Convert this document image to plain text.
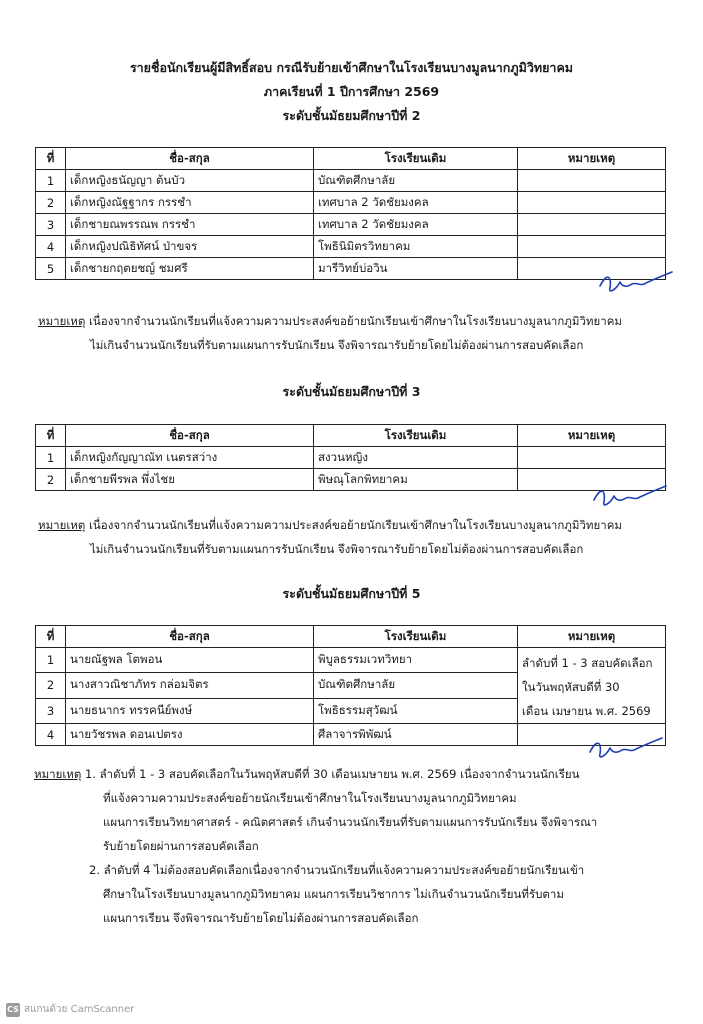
รายชื่อนักเรียนผู้มีสิทธิ์สอบ กรณีรับย้ายเข้าศึกษาในโรงเรียนบางมูลนากภูมิวิทยาคม
ภาคเรียนที่ 1 ปีการศึกษา 2569
ระดับชั้นมัธยมศึกษาปีที่ 2
ที่	ชื่อ-สกุล	โรงเรียนเดิม	หมายเหตุ
1	เด็กหญิงธนัญญา ต้นบัว	บัณฑิตศึกษาลัย	
2	เด็กหญิงณัฐฐากร กรรชำ	เทศบาล 2 วัดชัยมงคล	
3	เด็กชายณพรรณพ กรรชำ	เทศบาล 2 วัดชัยมงคล	
4	เด็กหญิงปณิธิทัศน์ ป่าขจร	โพธินิมิตรวิทยาคม	
5	เด็กชายกฤตยชญ์ ชมศรี	มารีวิทย์บ่อวิน	
หมายเหตุ เนื่องจากจำนวนนักเรียนที่แจ้งความความประสงค์ขอย้ายนักเรียนเข้าศึกษาในโรงเรียนบางมูลนากภูมิวิทยาคม
ไม่เกินจำนวนนักเรียนที่รับตามแผนการรับนักเรียน จึงพิจารณารับย้ายโดยไม่ต้องผ่านการสอบคัดเลือก
ระดับชั้นมัธยมศึกษาปีที่ 3
ที่	ชื่อ-สกุล	โรงเรียนเดิม	หมายเหตุ
1	เด็กหญิงกัญญาณัท เนตรสว่าง	สงวนหญิง	
2	เด็กชายพีรพล พึ่งไชย	พิษณุโลกพิทยาคม	
หมายเหตุ เนื่องจากจำนวนนักเรียนที่แจ้งความความประสงค์ขอย้ายนักเรียนเข้าศึกษาในโรงเรียนบางมูลนากภูมิวิทยาคม
ไม่เกินจำนวนนักเรียนที่รับตามแผนการรับนักเรียน จึงพิจารณารับย้ายโดยไม่ต้องผ่านการสอบคัดเลือก
ระดับชั้นมัธยมศึกษาปีที่ 5
ที่	ชื่อ-สกุล	โรงเรียนเดิม	หมายเหตุ
1	นายณัฐพล โตพอน	พิบูลธรรมเวทวิทยา	ลำดับที่ 1 - 3 สอบคัดเลือก
ในวันพฤหัสบดีที่ 30
เดือน เมษายน พ.ศ. 2569

2	นางสาวณิชาภัทร กล่อมจิตร	บัณฑิตศึกษาลัย	
3	นายธนากร ทรรคนีย์พงษ์	โพธิธรรมสุวัฒน์	
4	นายวัชรพล ดอนเปตรง	ศีลาจารพิพัฒน์	
หมายเหตุ 1. ลำดับที่ 1 - 3 สอบคัดเลือกในวันพฤหัสบดีที่ 30 เดือนเมษายน พ.ศ. 2569 เนื่องจากจำนวนนักเรียน
ที่แจ้งความความประสงค์ขอย้ายนักเรียนเข้าศึกษาในโรงเรียนบางมูลนากภูมิวิทยาคม
แผนการเรียนวิทยาศาสตร์ - คณิตศาสตร์ เกินจำนวนนักเรียนที่รับตามแผนการรับนักเรียน จึงพิจารณา
รับย้ายโดยผ่านการสอบคัดเลือก
2. ลำดับที่ 4 ไม่ต้องสอบคัดเลือกเนื่องจากจำนวนนักเรียนที่แจ้งความความประสงค์ขอย้ายนักเรียนเข้า
ศึกษาในโรงเรียนบางมูลนากภูมิวิทยาคม แผนการเรียนวิชาการ ไม่เกินจำนวนนักเรียนที่รับตาม
แผนการเรียน จึงพิจารณารับย้ายโดยไม่ต้องผ่านการสอบคัดเลือก
CS สแกนด้วย CamScanner
